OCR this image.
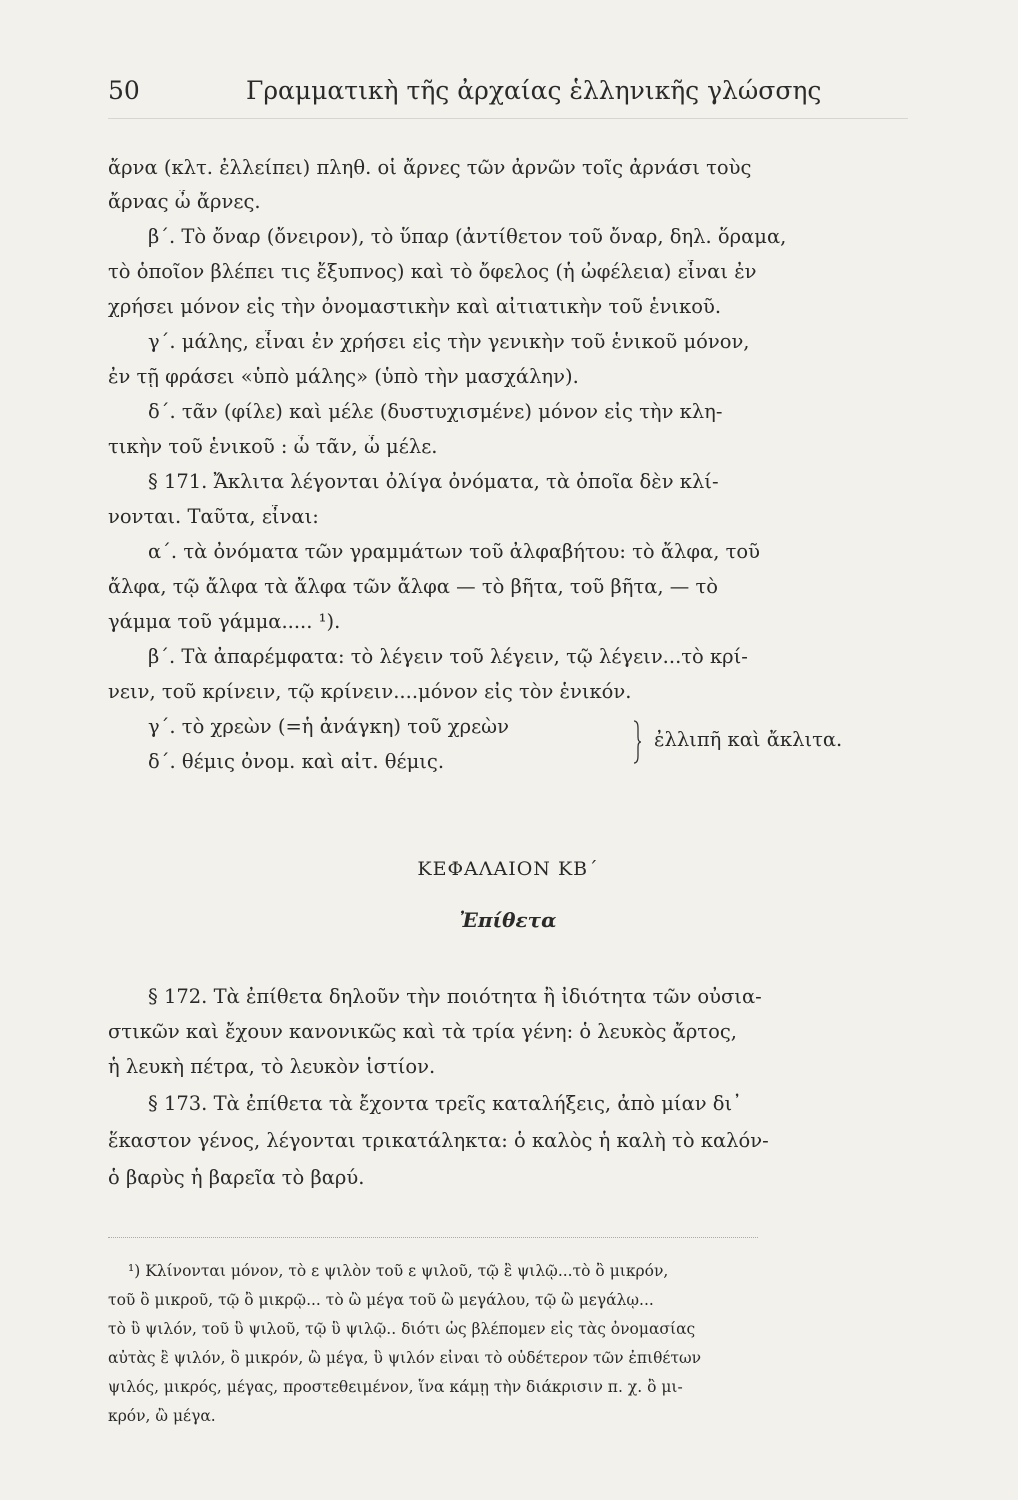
50	Γραμματικὴ τῆς ἀρχαίας ἑλληνικῆς γλώσσης
ἄρνα (κλτ. ἐλλείπει) πληθ. οἱ ἄρνες τῶν ἀρνῶν τοῖς ἀρνάσι τοὺς
ἄρνας ὦ ἄρνες.
β΄. Τὸ ὄναρ (ὄνειρον), τὸ ὕπαρ (ἀντίθετον τοῦ ὄναρ, δηλ. ὅραμα,
τὸ ὁποῖον βλέπει τις ἔξυπνος) καὶ τὸ ὄφελος (ἡ ὠφέλεια) εἶναι ἐν
χρήσει μόνον εἰς τὴν ὀνομαστικὴν καὶ αἰτιατικὴν τοῦ ἑνικοῦ.
γ΄. μάλης, εἶναι ἐν χρήσει εἰς τὴν γενικὴν τοῦ ἑνικοῦ μόνον,
ἐν τῇ φράσει «ὑπὸ μάλης» (ὑπὸ τὴν μασχάλην).
δ΄. τᾶν (φίλε) καὶ μέλε (δυστυχισμένε) μόνον εἰς τὴν κλη-
τικὴν τοῦ ἑνικοῦ : ὦ τᾶν, ὦ μέλε.
§ 171. Ἄκλιτα λέγονται ὀλίγα ὀνόματα, τὰ ὁποῖα δὲν κλί-
νονται. Ταῦτα, εἶναι:
α΄. τὰ ὀνόματα τῶν γραμμάτων τοῦ ἀλφαβήτου: τὸ ἄλφα, τοῦ
ἄλφα, τῷ ἄλφα τὰ ἄλφα τῶν ἄλφα — τὸ βῆτα, τοῦ βῆτα, — τὸ
γάμμα τοῦ γάμμα..... ¹).
β΄. Τὰ ἀπαρέμφατα: τὸ λέγειν τοῦ λέγειν, τῷ λέγειν...τὸ κρί-
νειν, τοῦ κρίνειν, τῷ κρίνειν....μόνον εἰς τὸν ἑνικόν.
γ΄. τὸ χρεὼν (=ἡ ἀνάγκη) τοῦ χρεὼν
δ΄. θέμις ὀνομ. καὶ αἰτ. θέμις.
ἐλλιπῆ καὶ ἄκλιτα.
ΚΕΦΑΛΑΙΟΝ ΚΒ΄
Ἐπίθετα
§ 172. Τὰ ἐπίθετα δηλοῦν τὴν ποιότητα ἢ ἰδιότητα τῶν οὐσια-
στικῶν καὶ ἔχουν κανονικῶς καὶ τὰ τρία γένη: ὁ λευκὸς ἄρτος,
ἡ λευκὴ πέτρα, τὸ λευκὸν ἱστίον.
§ 173. Τὰ ἐπίθετα τὰ ἔχοντα τρεῖς καταλήξεις, ἀπὸ μίαν δι᾽
ἕκαστον γένος, λέγονται τρικατάληκτα: ὁ καλὸς ἡ καλὴ τὸ καλόν-
ὁ βαρὺς ἡ βαρεῖα τὸ βαρύ.
¹) Κλίνονται μόνον, τὸ ε ψιλὸν τοῦ ε ψιλοῦ, τῷ ἒ ψιλῷ...τὸ ὂ μικρόν,
τοῦ ὂ μικροῦ, τῷ ὂ μικρῷ... τὸ ὢ μέγα τοῦ ὢ μεγάλου, τῷ ὢ μεγάλῳ...
τὸ ὓ ψιλόν, τοῦ ὓ ψιλοῦ, τῷ ὓ ψιλῷ.. διότι ὡς βλέπομεν εἰς τὰς ὀνομασίας
αὐτὰς ἒ ψιλόν, ὂ μικρόν, ὢ μέγα, ὓ ψιλόν εἶναι τὸ οὐδέτερον τῶν ἐπιθέτων
ψιλός, μικρός, μέγας, προστεθειμένον, ἵνα κάμῃ τὴν διάκρισιν π. χ. ὂ μι-
κρόν, ὢ μέγα.
